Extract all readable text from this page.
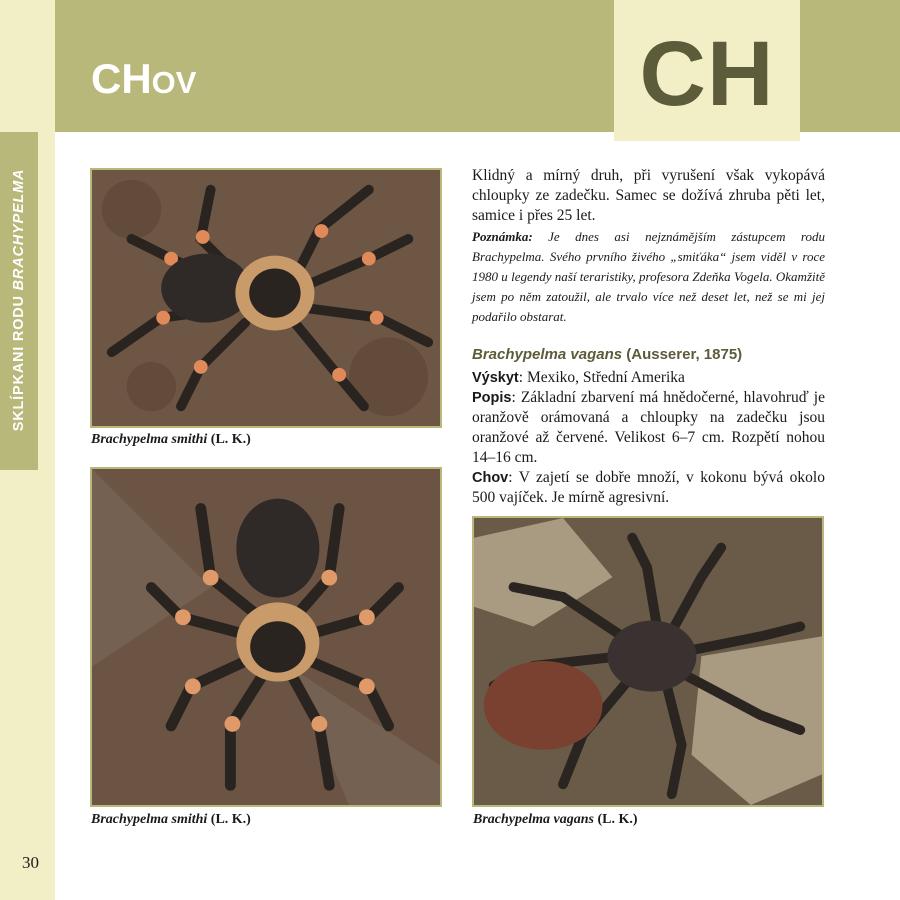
SKLÍPKANI RODU BRACHYPELMA
CHOV	CH
Brachypelma smithi (L. K.)
Brachypelma smithi (L. K.)	Brachypelma vagans (L. K.)
Klidný a mírný druh, při vyrušení však vykopává chloupky ze zadečku. Samec se dožívá zhruba pěti let, samice i přes 25 let.
Poznámka: Je dnes asi nejznámějším zástupcem rodu Brachypelma. Svého prvního živého „smiťáka“ jsem viděl v roce 1980 u legendy naší teraristiky, profesora Zdeňka Vogela. Okamžitě jsem po něm zatoužil, ale trvalo více než deset let, než se mi jej podařilo obstarat.
Brachypelma vagans (Ausserer, 1875)
Výskyt: Mexiko, Střední Amerika
Popis: Základní zbarvení má hnědočerné, hlavohruď je oranžově orámovaná a chloupky na zadečku jsou oranžové až červené. Velikost 6–7 cm. Rozpětí nohou 14–16 cm.
Chov: V zajetí se dobře množí, v kokonu bývá okolo 500 vajíček. Je mírně agresivní.
30
